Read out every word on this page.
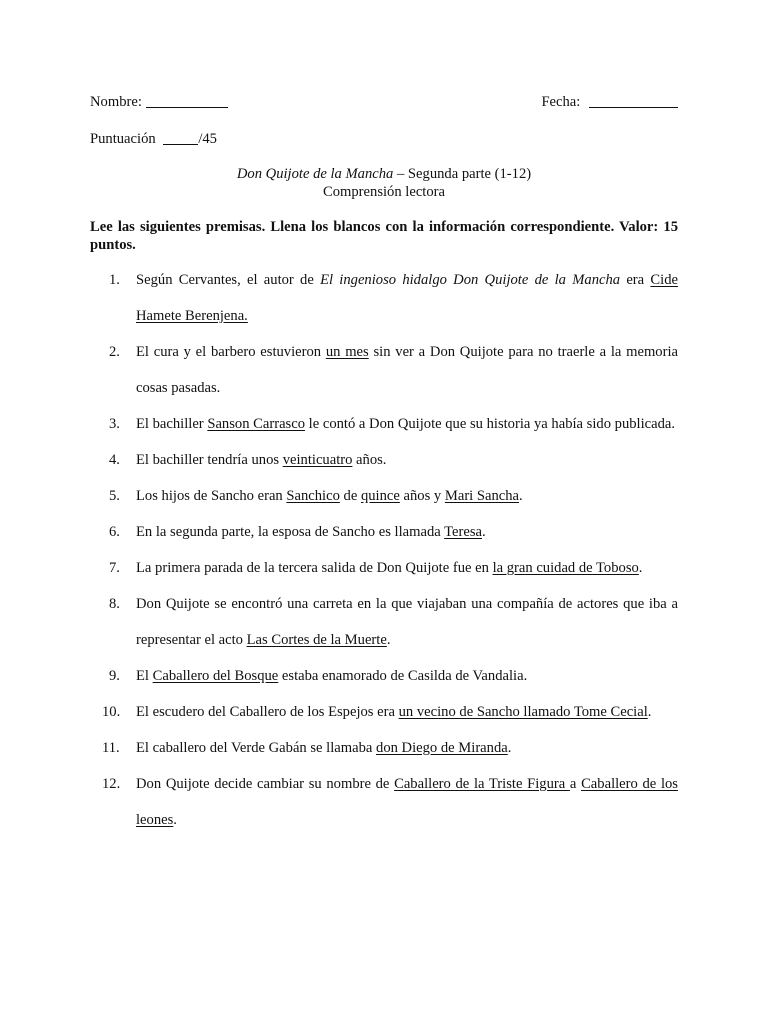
Nombre:	Fecha:
Puntuación	/45
Don Quijote de la Mancha – Segunda parte (1-12)
Comprensión lectora
Lee las siguientes premisas. Llena los blancos con la información correspondiente. Valor: 15 puntos.
1. Según Cervantes, el autor de El ingenioso hidalgo Don Quijote de la Mancha era Cide Hamete Berenjena.
2. El cura y el barbero estuvieron un mes sin ver a Don Quijote para no traerle a la memoria cosas pasadas.
3. El bachiller Sanson Carrasco le contó a Don Quijote que su historia ya había sido publicada.
4. El bachiller tendría unos veinticuatro años.
5. Los hijos de Sancho eran Sanchico de quince años y Mari Sancha.
6. En la segunda parte, la esposa de Sancho es llamada Teresa.
7. La primera parada de la tercera salida de Don Quijote fue en la gran cuidad de Toboso.
8. Don Quijote se encontró una carreta en la que viajaban una compañía de actores que iba a representar el acto Las Cortes de la Muerte.
9. El Caballero del Bosque estaba enamorado de Casilda de Vandalia.
10. El escudero del Caballero de los Espejos era un vecino de Sancho llamado Tome Cecial.
11. El caballero del Verde Gabán se llamaba don Diego de Miranda.
12. Don Quijote decide cambiar su nombre de Caballero de la Triste Figura a Caballero de los leones.
